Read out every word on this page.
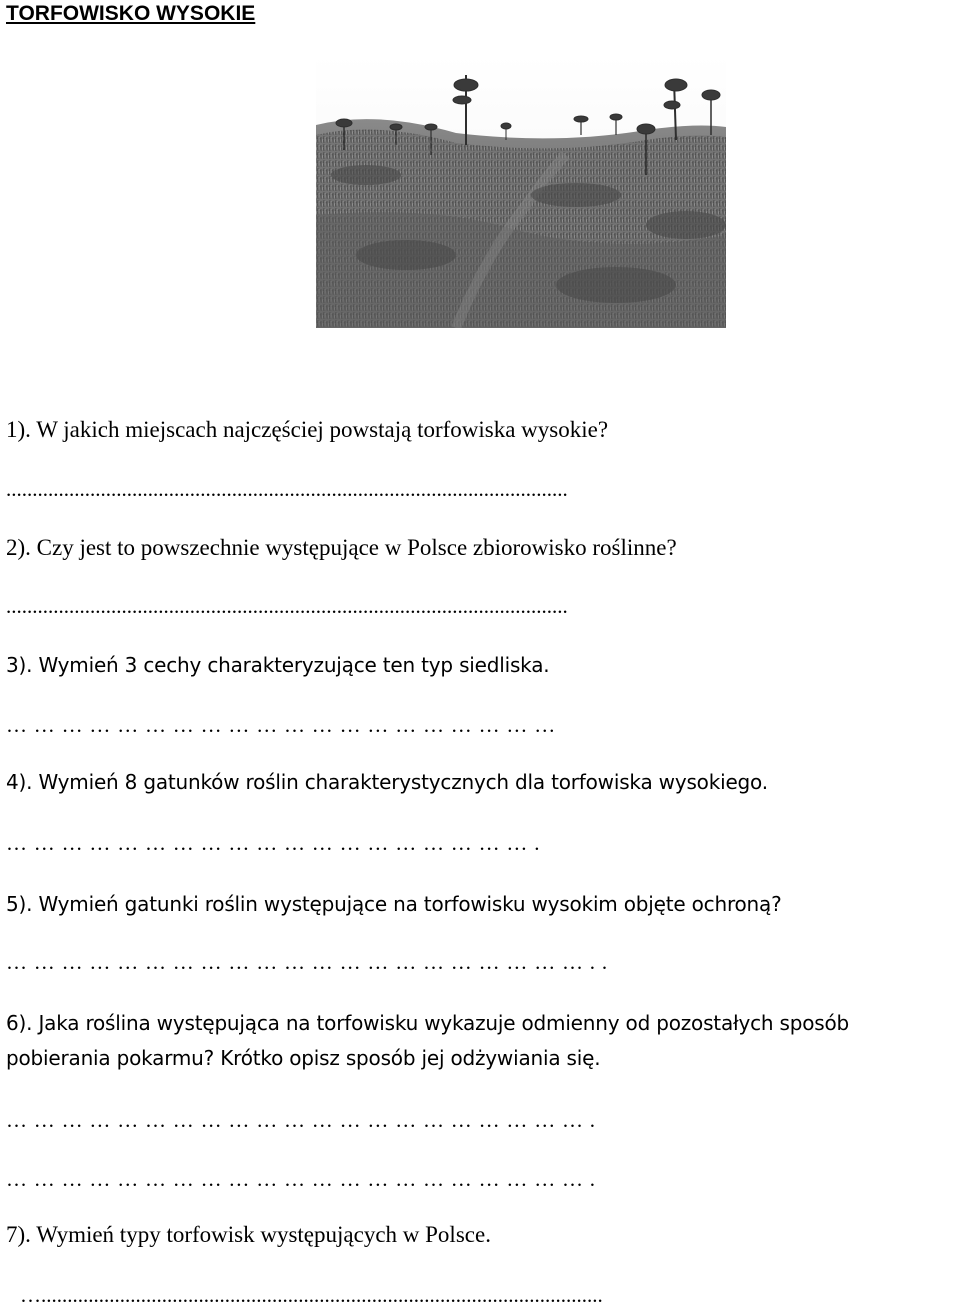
TORFOWISKO WYSOKIE
1). W jakich miejscach najczęściej powstają torfowiska wysokie?
...........................................................................................................
2). Czy jest to powszechnie występujące w Polsce zbiorowisko roślinne?
...........................................................................................................
3). Wymień 3 cechy charakteryzujące ten typ siedliska.
……………………………………………………
4). Wymień 8 gatunków roślin charakterystycznych dla torfowiska wysokiego.
………………………………………………….
5). Wymień gatunki roślin występujące na torfowisku wysokim objęte ochroną?
………………………………………………………..
6). Jaka roślina występująca na torfowisku wykazuje odmienny od pozostałych sposób
pobierania pokarmu? Krótko opisz sposób jej odżywiania się.
……………………………………………………….
……………………………………………………….
7). Wymień typy torfowisk występujących w Polsce.
…...........................................................................................................
